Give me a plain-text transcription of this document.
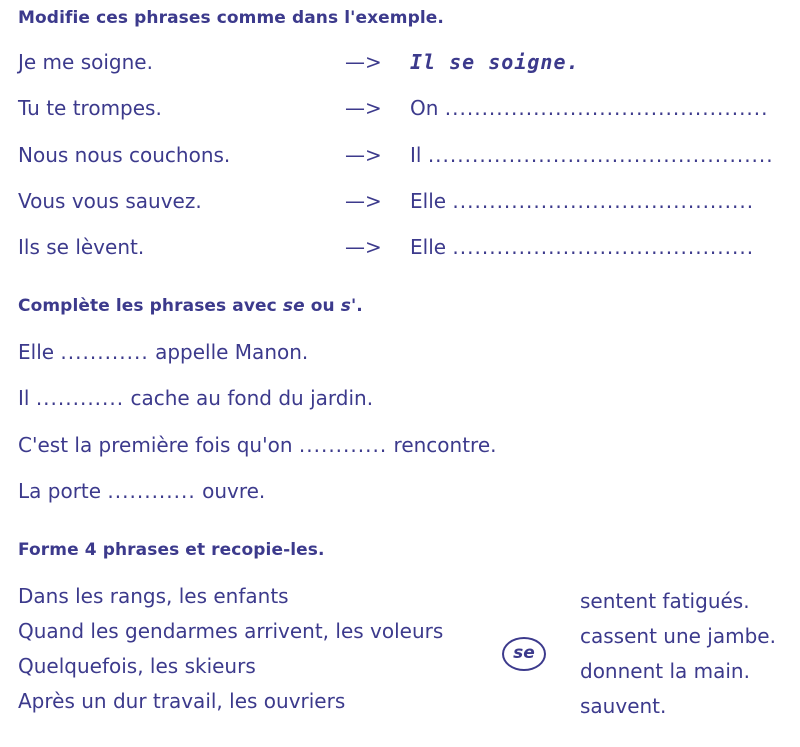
Modifie ces phrases comme dans l'exemple.
Je me soigne.	—> Il se soigne.
Tu te trompes.	—> On ............................................
Nous nous couchons.	—> Il ...............................................
Vous vous sauvez.	—> Elle .........................................
Ils se lèvent.	—> Elle .........................................
Complète les phrases avec se ou s'.
Elle ............ appelle Manon.
Il ............ cache au fond du jardin.
C'est la première fois qu'on ............ rencontre.
La porte ............ ouvre.
Forme 4 phrases et recopie-les.
Dans les rangs, les enfants
Quand les gendarmes arrivent, les voleurs
Quelquefois, les skieurs
Après un dur travail, les ouvriers
se
sentent fatigués.
cassent une jambe.
donnent la main.
sauvent.
